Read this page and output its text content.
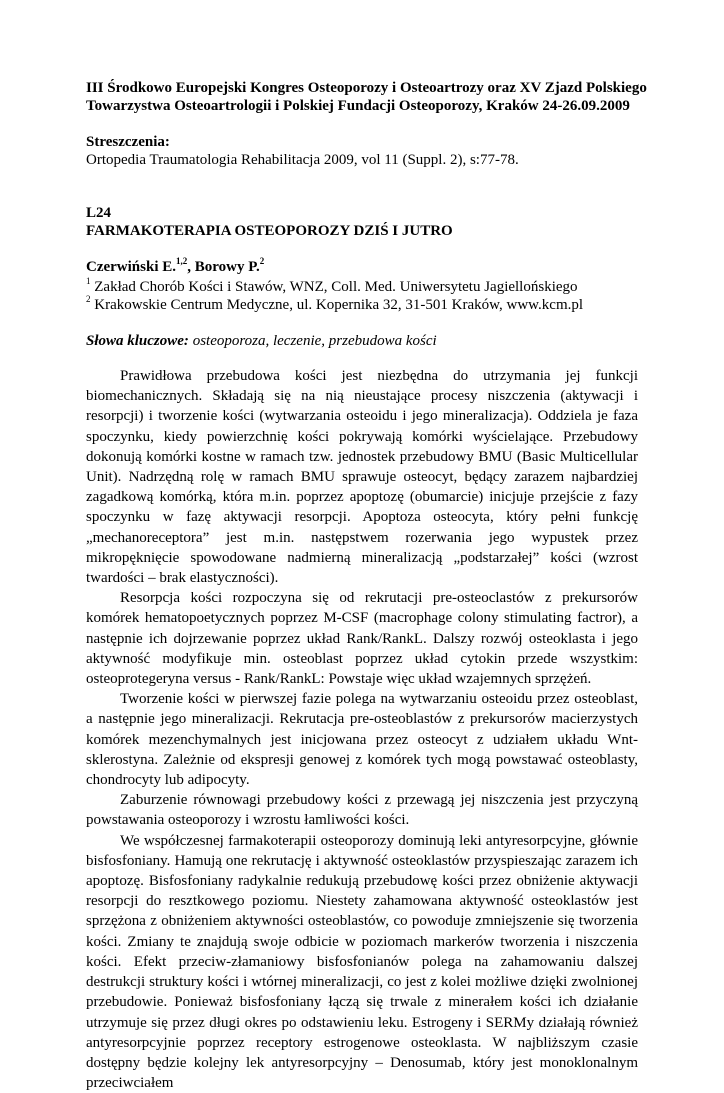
III Środkowo Europejski Kongres Osteoporozy i Osteoartrozy oraz XV Zjazd Polskiego

Towarzystwa Osteoartrologii i Polskiej Fundacji Osteoporozy, Kraków 24-26.09.2009

Streszczenia:

Ortopedia Traumatologia Rehabilitacja 2009, vol 11 (Suppl. 2), s:77-78.

L24

FARMAKOTERAPIA OSTEOPOROZY DZIŚ I JUTRO

Czerwiński E.$^{1,2}$, Borowy P.$^2$

$^1$ Zakład Chorób Kości i Stawów, WNZ, Coll. Med. Uniwersytetu Jagiellońskiego

$^2$ Krakowskie Centrum Medyczne, ul. Kopernika 32, 31-501 Kraków, www.kcm.pl

Słowa kluczowe: osteoporoza, leczenie, przebudowa kości

Prawidłowa przebudowa kości jest niezbędna do utrzymania jej funkcji biomechanicznych. Składają się na nią nieustające procesy niszczenia (aktywacji i resorpcji) i tworzenie kości (wytwarzania osteoidu i jego mineralizacja). Oddziela je faza spoczynku, kiedy powierzchnię kości pokrywają komórki wyścielające. Przebudowy dokonują komórki kostne w ramach tzw. jednostek przebudowy BMU (Basic Multicellular Unit). Nadrzędną rolę w ramach BMU sprawuje osteocyt, będący zarazem najbardziej zagadkową komórką, która m.in. poprzez apoptozę (obumarcie) inicjuje przejście z fazy spoczynku w fazę aktywacji resorpcji. Apoptoza osteocyta, który pełni funkcję „mechanoreceptora” jest m.in. następstwem rozerwania jego wypustek przez mikropęknięcie spowodowane nadmierną mineralizacją „podstarzałej” kości (wzrost twardości – brak elastyczności).

Resorpcja kości rozpoczyna się od rekrutacji pre-osteoclastów z prekursorów komórek hematopoetycznych poprzez M-CSF (macrophage colony stimulating factror), a następnie ich dojrzewanie poprzez układ Rank/RankL. Dalszy rozwój osteoklasta i jego aktywność modyfikuje min. osteoblast poprzez układ cytokin przede wszystkim: osteoprotegeryna versus - Rank/RankL: Powstaje więc układ wzajemnych sprzężeń.

Tworzenie kości w pierwszej fazie polega na wytwarzaniu osteoidu przez osteoblast, a następnie jego mineralizacji. Rekrutacja pre-osteoblastów z prekursorów macierzystych komórek mezenchymalnych jest inicjowana przez osteocyt z udziałem układu Wnt-sklerostyna. Zależnie od ekspresji genowej z komórek tych mogą powstawać osteoblasty, chondrocyty lub adipocyty.

Zaburzenie równowagi przebudowy kości z przewagą jej niszczenia jest przyczyną powstawania osteoporozy i wzrostu łamliwości kości.

We współczesnej farmakoterapii osteoporozy dominują leki antyresorpcyjne, głównie bisfosfoniany. Hamują one rekrutację i aktywność osteoklastów przyspieszając zarazem ich apoptozę. Bisfosfoniany radykalnie redukują przebudowę kości przez obniżenie aktywacji resorpcji do resztkowego poziomu. Niestety zahamowana aktywność osteoklastów jest sprzężona z obniżeniem aktywności osteoblastów, co powoduje zmniejszenie się tworzenia kości. Zmiany te znajdują swoje odbicie w poziomach markerów tworzenia i niszczenia kości. Efekt przeciw-złamaniowy bisfosfonianów polega na zahamowaniu dalszej destrukcji struktury kości i wtórnej mineralizacji, co jest z kolei możliwe dzięki zwolnionej przebudowie. Ponieważ bisfosfoniany łączą się trwale z minerałem kości ich działanie utrzymuje się przez długi okres po odstawieniu leku. Estrogeny i SERMy działają również antyresorpcyjnie poprzez receptory estrogenowe osteoklasta. W najbliższym czasie dostępny będzie kolejny lek antyresorpcyjny – Denosumab, który jest monoklonalnym przeciwciałem
